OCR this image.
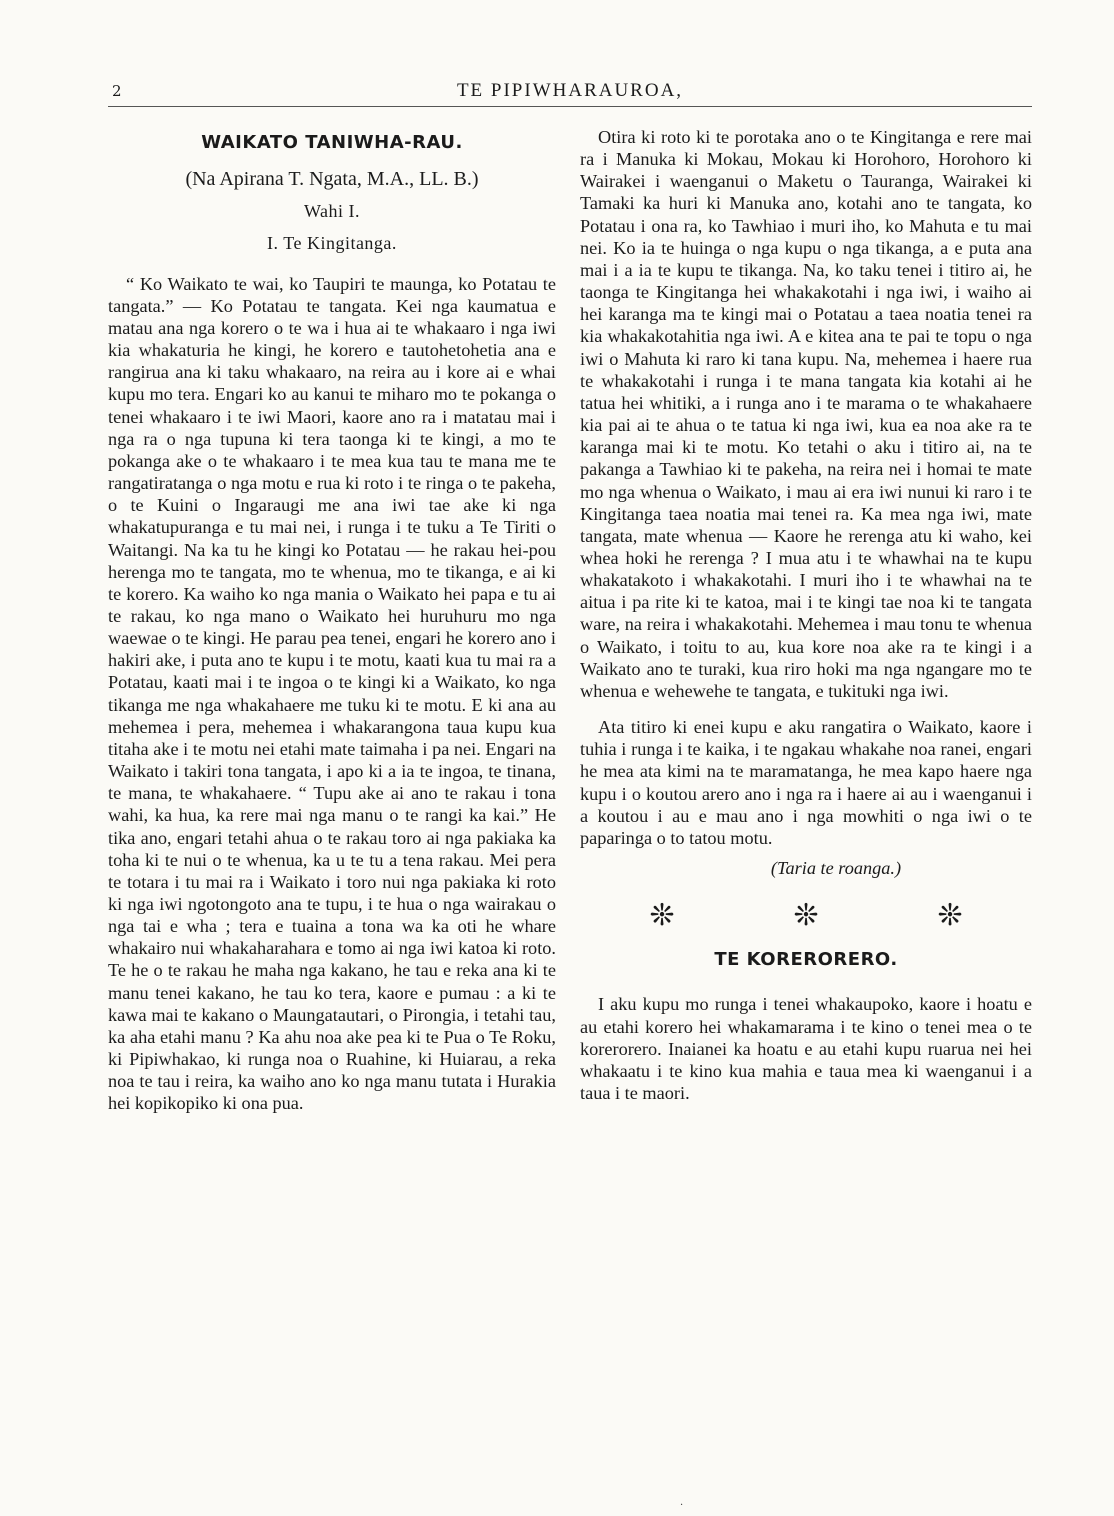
2	TE PIPIWHARAUROA,
WAIKATO TANIWHA-RAU.
(Na Apirana T. Ngata, M.A., LL. B.)
Wahi I.
I. Te Kingitanga.

“ Ko Waikato te wai, ko Taupiri te maunga, ko Potatau te tangata.” — Ko Potatau te tangata. Kei nga kaumatua e matau ana nga korero o te wa i hua ai te whakaaro i nga iwi kia whakaturia he kingi, he korero e tautohetohetia ana e rangirua ana ki taku whakaaro, na reira au i kore ai e whai kupu mo tera. Engari ko au kanui te miharo mo te pokanga o tenei whakaaro i te iwi Maori, kaore ano ra i matatau mai i nga ra o nga tupuna ki tera taonga ki te kingi, a mo te pokanga ake o te whakaaro i te mea kua tau te mana me te rangatiratanga o nga motu e rua ki roto i te ringa o te pakeha, o te Kuini o Ingaraugi me ana iwi tae ake ki nga whakatupuranga e tu mai nei, i runga i te tuku a Te Tiriti o Waitangi. Na ka tu he kingi ko Potatau — he rakau hei-pou herenga mo te tangata, mo te whenua, mo te tikanga, e ai ki te korero. Ka waiho ko nga mania o Waikato hei papa e tu ai te rakau, ko nga mano o Waikato hei huruhuru mo nga waewae o te kingi. He parau pea tenei, engari he korero ano i hakiri ake, i puta ano te kupu i te motu, kaati kua tu mai ra a Potatau, kaati mai i te ingoa o te kingi ki a Waikato, ko nga tikanga me nga whakahaere me tuku ki te motu. E ki ana au mehemea i pera, mehemea i whakarangona taua kupu kua titaha ake i te motu nei etahi mate taimaha i pa nei. Engari na Waikato i takiri tona tangata, i apo ki a ia te ingoa, te tinana, te mana, te whakahaere. “ Tupu ake ai ano te rakau i tona wahi, ka hua, ka rere mai nga manu o te rangi ka kai.” He tika ano, engari tetahi ahua o te rakau toro ai nga pakiaka ka toha ki te nui o te whenua, ka u te tu a tena rakau. Mei pera te totara i tu mai ra i Waikato i toro nui nga pakiaka ki roto ki nga iwi ngotongoto ana te tupu, i te hua o nga wairakau o nga tai e wha ; tera e tuaina a tona wa ka oti he whare whakairo nui whakaharahara e tomo ai nga iwi katoa ki roto. Te he o te rakau he maha nga kakano, he tau e reka ana ki te manu tenei kakano, he tau ko tera, kaore e pumau : a ki te kawa mai te kakano o Maungatautari, o Pirongia, i tetahi tau, ka aha etahi manu ? Ka ahu noa ake pea ki te Pua o Te Roku, ki Pipiwhakao, ki runga noa o Ruahine, ki Huiarau, a reka noa te tau i reira, ka waiho ano ko nga manu tutata i Hurakia hei kopikopiko ki ona pua.

Otira ki roto ki te porotaka ano o te Kingitanga e rere mai ra i Manuka ki Mokau, Mokau ki Horohoro, Horohoro ki Wairakei i waenganui o Maketu o Tauranga, Wairakei ki Tamaki ka huri ki Manuka ano, kotahi ano te tangata, ko Potatau i ona ra, ko Tawhiao i muri iho, ko Mahuta e tu mai nei. Ko ia te huinga o nga kupu o nga tikanga, a e puta ana mai i a ia te kupu te tikanga. Na, ko taku tenei i titiro ai, he taonga te Kingitanga hei whakakotahi i nga iwi, i waiho ai hei karanga ma te kingi mai o Potatau a taea noatia tenei ra kia whakakotahitia nga iwi. A e kitea ana te pai te topu o nga iwi o Mahuta ki raro ki tana kupu. Na, mehemea i haere rua te whakakotahi i runga i te mana tangata kia kotahi ai he tatua hei whitiki, a i runga ano i te marama o te whakahaere kia pai ai te ahua o te tatua ki nga iwi, kua ea noa ake ra te karanga mai ki te motu. Ko tetahi o aku i titiro ai, na te pakanga a Tawhiao ki te pakeha, na reira nei i homai te mate mo nga whenua o Waikato, i mau ai era iwi nunui ki raro i te Kingitanga taea noatia mai tenei ra. Ka mea nga iwi, mate tangata, mate whenua — Kaore he rerenga atu ki waho, kei whea hoki he rerenga ? I mua atu i te whawhai na te kupu whakatakoto i whakakotahi. I muri iho i te whawhai na te aitua i pa rite ki te katoa, mai i te kingi tae noa ki te tangata ware, na reira i whakakotahi. Mehemea i mau tonu te whenua o Waikato, i toitu to au, kua kore noa ake ra te kingi i a Waikato ano te turaki, kua riro hoki ma nga ngangare mo te whenua e wehewehe te tangata, e tukituki nga iwi.

Ata titiro ki enei kupu e aku rangatira o Waikato, kaore i tuhia i runga i te kaika, i te ngakau whakahe noa ranei, engari he mea ata kimi na te maramatanga, he mea kapo haere nga kupu i o koutou arero ano i nga ra i haere ai au i waenganui i a koutou i au e mau ano i nga mowhiti o nga iwi o te paparinga o to tatou motu.

(Taria te roanga.)
❊	❊	❊
TE KORERORERO.

I aku kupu mo runga i tenei whakaupoko, kaore i hoatu e au etahi korero hei whakamarama i te kino o tenei mea o te korerorero. Inaianei ka hoatu e au etahi kupu ruarua nei hei whakaatu i te kino kua mahia e taua mea ki waenganui i a taua i te maori.

·
